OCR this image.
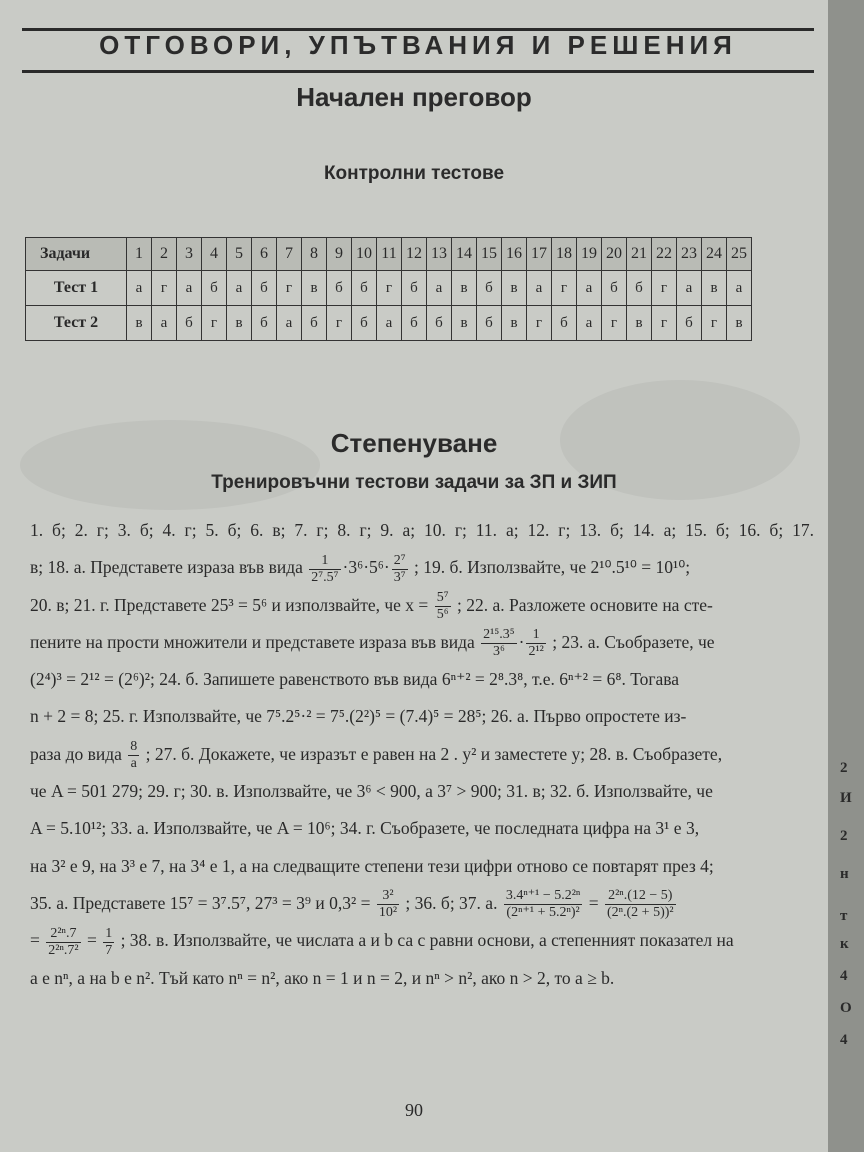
ОТГОВОРИ, УПЪТВАНИЯ И РЕШЕНИЯ
Начален преговор
Контролни тестове
Задачи	1	2	3	4	5	6	7	8	9	10	11	12	13	14	15	16	17	18	19	20	21	22	23	24	25
Тест 1	а	г	а	б	а	б	г	в	б	б	г	б	а	в	б	в	а	г	а	б	б	г	а	в	а
Тест 2	в	а	б	г	в	б	а	б	г	б	а	б	б	в	б	в	г	б	а	г	в	г	б	г	в
Степенуване
Тренировъчни тестови задачи за ЗП и ЗИП
1. б; 2. г; 3. б; 4. г; 5. б; 6. в; 7. г; 8. г; 9. а; 10. г; 11. а; 12. г; 13. б; 14. а; 15. б; 16. б; 17.
в; 18. а. Представете израза във вида $\frac{1}{\text{2⁷.5⁷}} \cdot 3^6\cdot 5^6\cdot \frac{\text{2⁷}}{\text{3⁷}}$ ; 19. б. Използвайте, че 2¹⁰.5¹⁰ = 10¹⁰;
20. в; 21. г. Представете 25³ = 5⁶ и използвайте, че $x = \frac{\text{5⁷}}{\text{5⁶}}$ ; 22. а. Разложете основите на сте-
пените на прости множители и представете израза във вида $\frac{\text{2¹⁵.3⁵}}{\text{3⁶}} \cdot \frac{1}{\text{2¹²}}$ ; 23. а. Съобразете, че
(2⁴)³ = 2¹² = (2⁶)²; 24. б. Запишете равенството във вида 6ⁿ⁺² = 2⁸.3⁸, т.е. 6ⁿ⁺² = 6⁸. Тогава
n + 2 = 8; 25. г. Използвайте, че 7⁵.2⁵·² = 7⁵.(2²)⁵ = (7.4)⁵ = 28⁵; 26. а. Първо опростете из-
раза до вида $\frac{8}{a}$ ; 27. б. Докажете, че изразът е равен на 2 . y² и заместете y; 28. в. Съобразете,
че A = 501 279; 29. г; 30. в. Използвайте, че 3⁶ < 900, а 3⁷ > 900; 31. в; 32. б. Използвайте, че
A = 5.10¹²; 33. а. Използвайте, че A = 10⁶; 34. г. Съобразете, че последната цифра на 3¹ е 3,
на 3² е 9, на 3³ е 7, на 3⁴ е 1, а на следващите степени тези цифри отново се повтарят през 4;
35. а. Представете 15⁷ = 3⁷.5⁷, 27³ = 3⁹ и $0,3^2 = \frac{\text{3²}}{\text{10²}}$ ; 36. б; 37. а. $\frac{\text{3.4ⁿ⁺¹ − 5.2²ⁿ}}{\text{(2ⁿ⁺¹ + 5.2ⁿ)²}} = \frac{\text{2²ⁿ.(12 − 5)}}{\text{(2ⁿ.(2 + 5))²}}$
= $\frac{\text{2²ⁿ.7}}{\text{2²ⁿ.7²}} = \frac{1}{7}$ ; 38. в. Използвайте, че числата a и b са с равни основи, а степенният показател на
a е nⁿ, а на b е n². Тъй като nⁿ = n², ако n = 1 и n = 2, и nⁿ > n², ако n > 2, то a ≥ b.
90
2
И
2
н
т
к
4
О
4
